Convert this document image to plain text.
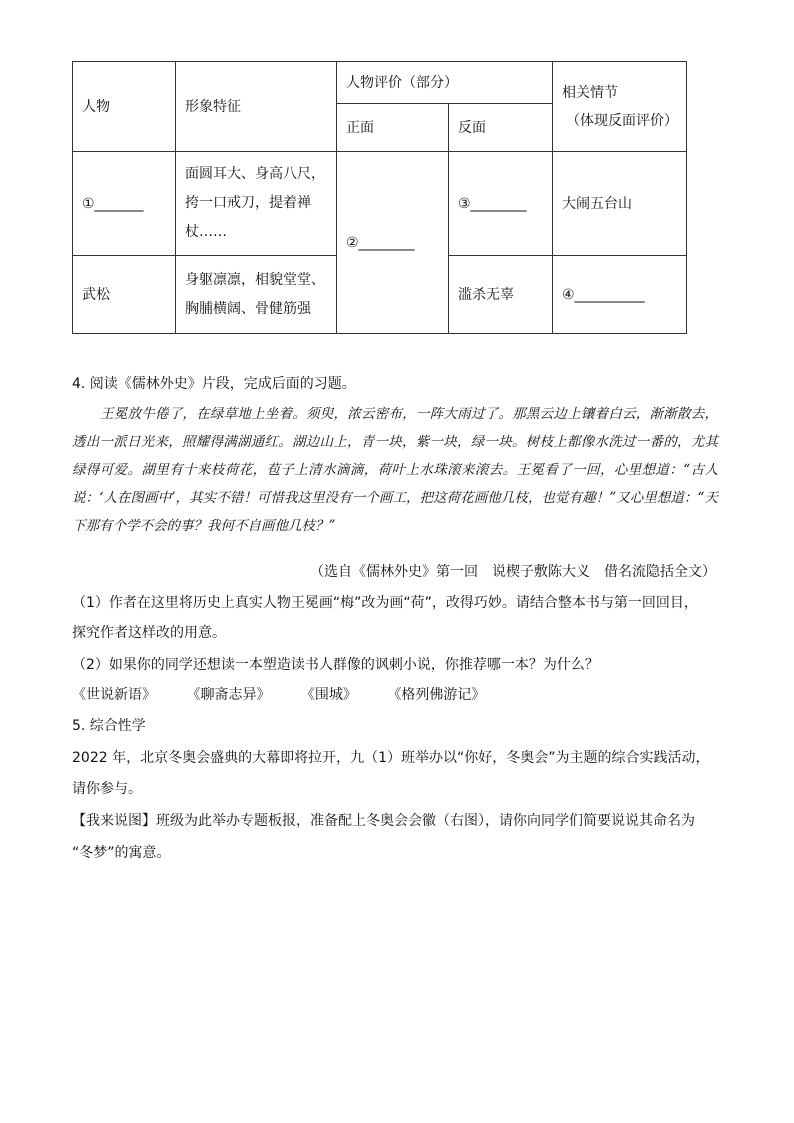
人物	形象特征	人物评价（部分）		相关情节
（体现反面评价）

		正面	反面	
①_______	面圆耳大、身高八尺，
挎一口戒刀，提着禅
杖……	②________	③________	大闹五台山
武松	身躯凛凛，相貌堂堂、
胸脯横阔、骨健筋强		滥杀无辜	④__________
4. 阅读《儒林外史》片段，完成后面的习题。
王冕放牛倦了，在绿草地上坐着。须臾，浓云密布，一阵大雨过了。那黑云边上镶着白云，渐渐散去，透出一派日光来，照耀得满湖通红。湖边山上，青一块，紫一块，绿一块。树枝上都像水洗过一番的，尤其绿得可爱。湖里有十来枝荷花，苞子上清水滴滴，荷叶上水珠滚来滚去。王冕看了一回，心里想道：“古人说：‘人在图画中’，其实不错！可惜我这里没有一个画工，把这荷花画他几枝，也觉有趣！”又心里想道：“天下那有个学不会的事？我何不自画他几枝？”
（选自《儒林外史》第一回　说楔子敷陈大义　借名流隐括全文）
（1）作者在这里将历史上真实人物王冕画“梅”改为画“荷”，改得巧妙。请结合整本书与第一回回目，
探究作者这样改的用意。
（2）如果你的同学还想读一本塑造读书人群像的讽刺小说，你推荐哪一本？为什么？
《世说新语》 《聊斋志异》 《围城》 《格列佛游记》
5. 综合性学
2022 年，北京冬奥会盛典的大幕即将拉开，九（1）班举办以“你好，冬奥会”为主题的综合实践活动，
请你参与。
【我来说图】班级为此举办专题板报，准备配上冬奥会会徽（右图），请你向同学们简要说说其命名为
“冬梦”的寓意。
